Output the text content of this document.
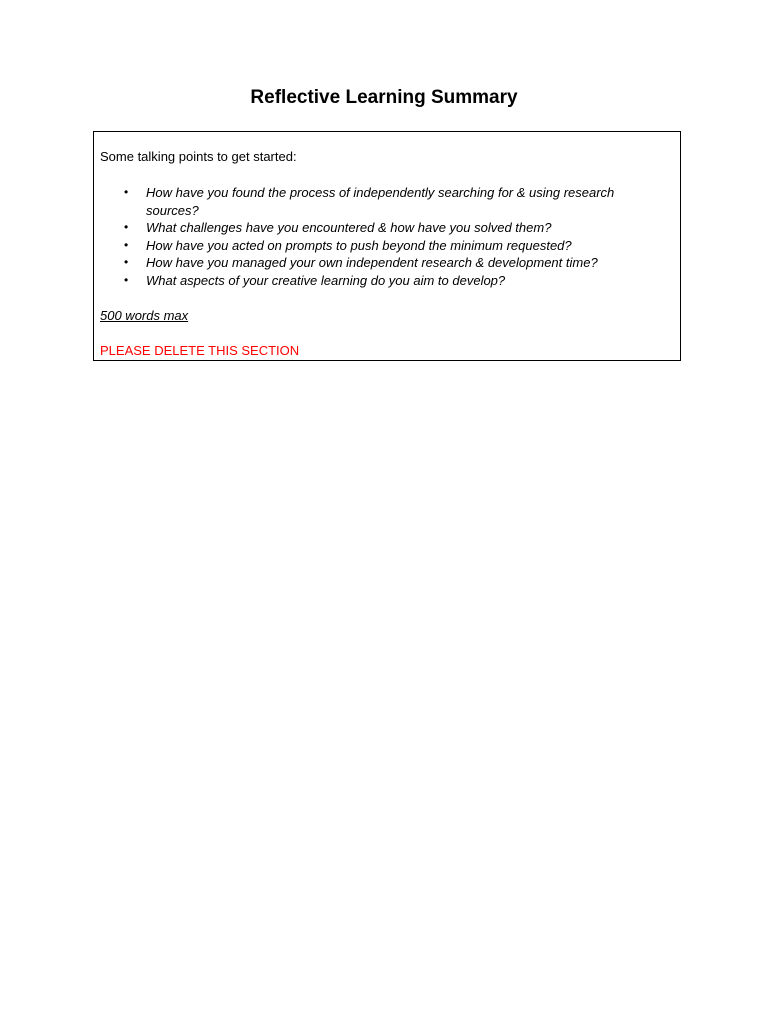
Reflective Learning Summary

Some talking points to get started:

• How have you found the process of independently searching for & using research sources?
• What challenges have you encountered & how have you solved them?
• How have you acted on prompts to push beyond the minimum requested?
• How have you managed your own independent research & development time?
• What aspects of your creative learning do you aim to develop?

500 words max

PLEASE DELETE THIS SECTION
